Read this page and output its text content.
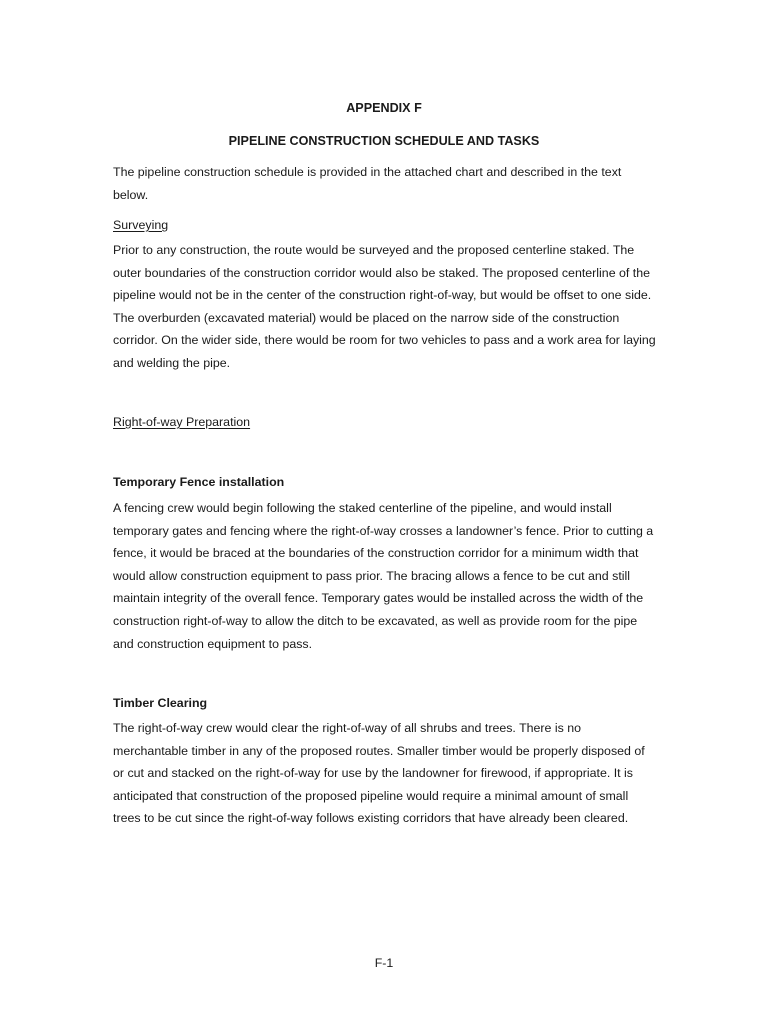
APPENDIX F

PIPELINE CONSTRUCTION SCHEDULE AND TASKS

The pipeline construction schedule is provided in the attached chart and described in the text below.

Surveying

Prior to any construction, the route would be surveyed and the proposed centerline staked. The outer boundaries of the construction corridor would also be staked. The proposed centerline of the pipeline would not be in the center of the construction right-of-way, but would be offset to one side. The overburden (excavated material) would be placed on the narrow side of the construction corridor. On the wider side, there would be room for two vehicles to pass and a work area for laying and welding the pipe.

Right-of-way Preparation

Temporary Fence installation

A fencing crew would begin following the staked centerline of the pipeline, and would install temporary gates and fencing where the right-of-way crosses a landowner’s fence. Prior to cutting a fence, it would be braced at the boundaries of the construction corridor for a minimum width that would allow construction equipment to pass prior. The bracing allows a fence to be cut and still maintain integrity of the overall fence. Temporary gates would be installed across the width of the construction right-of-way to allow the ditch to be excavated, as well as provide room for the pipe and construction equipment to pass.

Timber Clearing

The right-of-way crew would clear the right-of-way of all shrubs and trees. There is no merchantable timber in any of the proposed routes. Smaller timber would be properly disposed of or cut and stacked on the right-of-way for use by the landowner for firewood, if appropriate. It is anticipated that construction of the proposed pipeline would require a minimal amount of small trees to be cut since the right-of-way follows existing corridors that have already been cleared.

F-1
